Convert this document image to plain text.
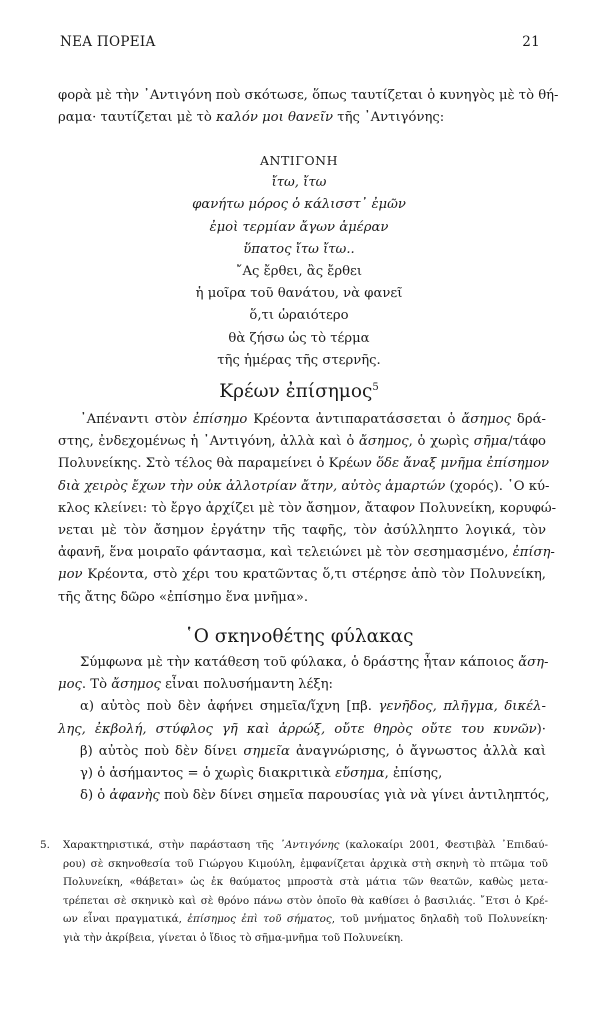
ΝΕΑ ΠΟΡΕΙΑ	21
φορὰ μὲ τὴν ᾿Αντιγόνη ποὺ σκότωσε, ὅπως ταυτίζεται ὁ κυνηγὸς μὲ τὸ θή-
ραμα· ταυτίζεται μὲ τὸ καλόν μοι θανεῖν τῆς ᾿Αντιγόνης:
ΑΝΤΙΓΟΝΗ
ἴτω, ἴτω
φανήτω μόρος ὁ κάλισστ᾿ ἐμῶν
ἐμοὶ τερμίαν ἄγων ἁμέραν
ὕπατος ἴτω ἴτω..
῎Ας ἔρθει, ἂς ἔρθει
ἡ μοῖρα τοῦ θανάτου, νὰ φανεῖ
ὅ,τι ὡραιότερο
θὰ ζήσω ὡς τὸ τέρμα
τῆς ἡμέρας τῆς στερνῆς.
Κρέων ἐπίσημος$^5$
᾿Απέναντι στὸν ἐπίσημο Κρέοντα ἀντιπαρατάσσεται ὁ ἄσημος δρά-
στης, ἐνδεχομένως ἡ ᾿Αντιγόνη, ἀλλὰ καὶ ὁ ἄσημος, ὁ χωρὶς σῆμα/τάφο
Πολυνείκης. Στὸ τέλος θὰ παραμείνει ὁ Κρέων ὅδε ἄναξ μνῆμα ἐπίσημον
διὰ χειρὸς ἔχων τὴν οὐκ ἀλλοτρίαν ἄτην, αὐτὸς ἁμαρτών (χορός). ῾Ο κύ-
κλος κλείνει: τὸ ἔργο ἀρχίζει μὲ τὸν ἄσημον, ἄταφον Πολυνείκη, κορυφώ-
νεται μὲ τὸν ἄσημον ἐργάτην τῆς ταφῆς, τὸν ἀσύλληπτο λογικά, τὸν
ἀφανῆ, ἕνα μοιραῖο φάντασμα, καὶ τελειώνει μὲ τὸν σεσημασμένο, ἐπίση-
μον Κρέοντα, στὸ χέρι του κρατῶντας ὅ,τι στέρησε ἀπὸ τὸν Πολυνείκη,
τῆς ἄτης δῶρο «ἐπίσημο ἕνα μνῆμα».
῾Ο σκηνοθέτης φύλακας
Σύμφωνα μὲ τὴν κατάθεση τοῦ φύλακα, ὁ δράστης ἦταν κάποιος ἄση-
μος. Τὸ ἄσημος εἶναι πολυσήμαντη λέξη:
α) αὐτὸς ποὺ δὲν ἀφήνει σημεῖα/ἴχνη [πβ. γενῆδος, πλῆγμα, δικέλ-
λης, ἐκβολή, στύφλος γῆ καὶ ἀρρώξ, οὔτε θηρὸς οὔτε του κυνῶν)·
β) αὐτὸς ποὺ δὲν δίνει σημεῖα ἀναγνώρισης, ὁ ἄγνωστος ἀλλὰ καὶ
γ) ὁ ἀσήμαντος = ὁ χωρὶς διακριτικὰ εὔσημα, ἐπίσης,
δ) ὁ ἀφανὴς ποὺ δὲν δίνει σημεῖα παρουσίας γιὰ νὰ γίνει ἀντιληπτός,
5. Χαρακτηριστικά, στὴν παράσταση τῆς ᾿Αντιγόνης (καλοκαίρι 2001, Φεστιβὰλ ᾿Επιδαύ-
ρου) σὲ σκηνοθεσία τοῦ Γιώργου Κιμούλη, ἐμφανίζεται ἀρχικὰ στὴ σκηνὴ τὸ πτῶμα τοῦ
Πολυνείκη, «θάβεται» ὡς ἐκ θαύματος μπροστὰ στὰ μάτια τῶν θεατῶν, καθὼς μετα-
τρέπεται σὲ σκηνικὸ καὶ σὲ θρόνο πάνω στὸν ὁποῖο θὰ καθίσει ὁ βασιλιάς. ῎Ετσι ὁ Κρέ-
ων εἶναι πραγματικά, ἐπίσημος ἐπὶ τοῦ σήματος, τοῦ μνήματος δηλαδὴ τοῦ Πολυνείκη·
γιὰ τὴν ἀκρίβεια, γίνεται ὁ ἴδιος τὸ σῆμα-μνῆμα τοῦ Πολυνείκη.
